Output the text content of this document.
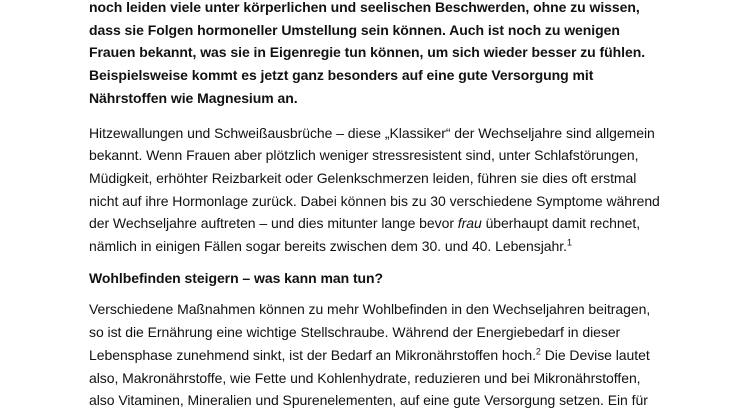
noch leiden viele unter körperlichen und seelischen Beschwerden, ohne zu wissen,
dass sie Folgen hormoneller Umstellung sein können. Auch ist noch zu wenigen
Frauen bekannt, was sie in Eigenregie tun können, um sich wieder besser zu fühlen.
Beispielsweise kommt es jetzt ganz besonders auf eine gute Versorgung mit
Nährstoffen wie Magnesium an.

Hitzewallungen und Schweißausbrüche – diese „Klassiker“ der Wechseljahre sind allgemein
bekannt. Wenn Frauen aber plötzlich weniger stressresistent sind, unter Schlafstörungen,
Müdigkeit, erhöhter Reizbarkeit oder Gelenkschmerzen leiden, führen sie dies oft erstmal
nicht auf ihre Hormonlage zurück. Dabei können bis zu 30 verschiedene Symptome während
der Wechseljahre auftreten – und dies mitunter lange bevor frau überhaupt damit rechnet,
nämlich in einigen Fällen sogar bereits zwischen dem 30. und 40. Lebensjahr.$^1$

Wohlbefinden steigern – was kann man tun?

Verschiedene Maßnahmen können zu mehr Wohlbefinden in den Wechseljahren beitragen,
so ist die Ernährung eine wichtige Stellschraube. Während der Energiebedarf in dieser
Lebensphase zunehmend sinkt, ist der Bedarf an Mikronährstoffen hoch.$^2$ Die Devise lautet
also, Makronährstoffe, wie Fette und Kohlenhydrate, reduzieren und bei Mikronährstoffen,
also Vitaminen, Mineralien und Spurenelementen, auf eine gute Versorgung setzen. Ein für
